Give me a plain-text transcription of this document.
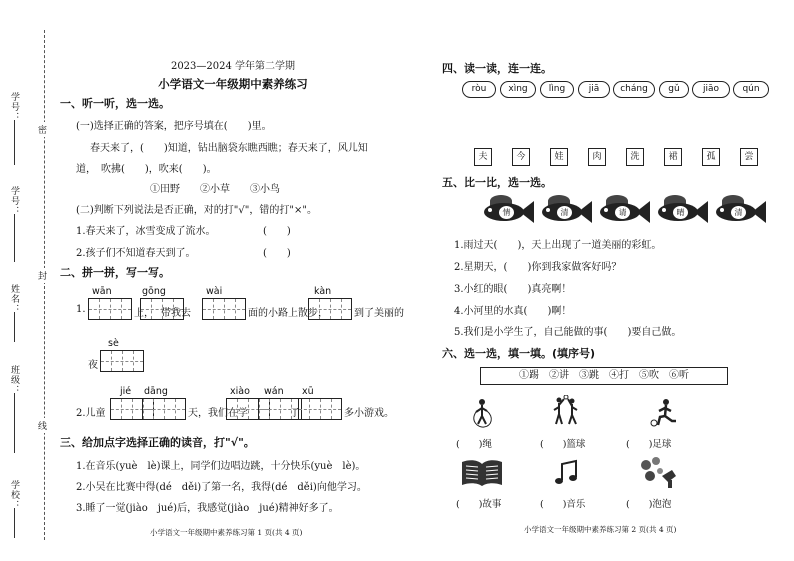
学号：
学号：
姓名：
班级：
学校：
密
封
线
2023—2024 学年第二学期
小学语文一年级期中素养练习
一、听一听，选一选。
(一)选择正确的答案，把序号填在(　　)里。
春天来了，(　　)知道，钻出脑袋东瞧西瞧；春天来了，风儿知
道，　吹拂(　　)，吹来(　　)。
①田野　　②小草　　③小鸟
(二)判断下列说法是否正确，对的打"√"，错的打"×"。
1.春天来了，冰雪变成了流水。	(　　)
2.孩子们不知道春天到了。	(　　)
二、拼一拼，写一写。
wān	gōng	wài	kàn
1.	上， 带我去	面的小路上散步，	到了美丽的
sè
夜
jié dāng	xiào wán xū
2.儿童	天，我们在学	了	多小游戏。
三、给加点字选择正确的读音，打"√"。
1.在音乐(yuè　lè)课上，同学们边唱边跳，十分快乐(yuè　lè)。
2.小吴在比赛中得(dé　děi)了第一名，我得(dé　děi)向他学习。
3.睡了一觉(jiào　jué)后，我感觉(jiào　jué)精神好多了。
小学语文一年级期中素养练习第 1 页(共 4 页)
四、读一读，连一连。
ròu	xìng	lìng	jiā	cháng	gǔ	jiāo	qún
夫	今	娃	肉	洗	裙	孤	尝
五、比一比，选一选。
情	清	请	晴	清
1.雨过天(　　)，天上出现了一道美丽的彩虹。
2.星期天，(　　)你到我家做客好吗？
3.小红的眼(　　)真亮啊！
4.小河里的水真(　　)啊！
5.我们是小学生了，自己能做的事(　　)要自己做。
六、选一选，填一填。(填序号)
①踢　②讲　③跳　④打　⑤吹　⑥听
(　　)绳	(　　)篮球	(　　)足球
(　　)故事	(　　)音乐	(　　)泡泡
小学语文一年级期中素养练习第 2 页(共 4 页)
